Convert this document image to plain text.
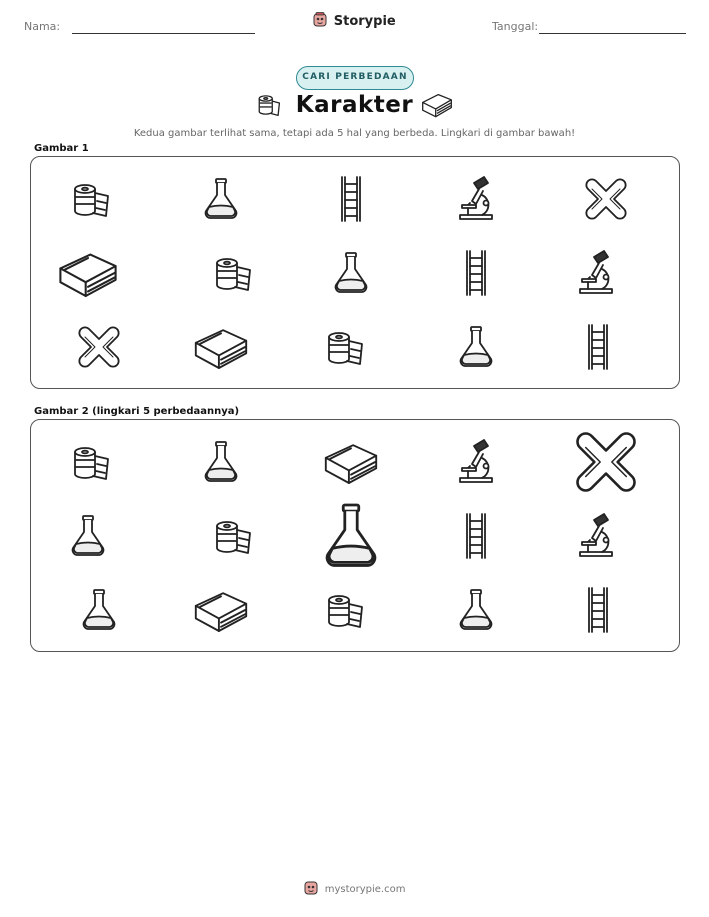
Nama:	Storypie	Tanggal:
CARI PERBEDAAN
Karakter
Kedua gambar terlihat sama, tetapi ada 5 hal yang berbeda. Lingkari di gambar bawah!
Gambar 1
Gambar 2 (lingkari 5 perbedaannya)
mystorypie.com
